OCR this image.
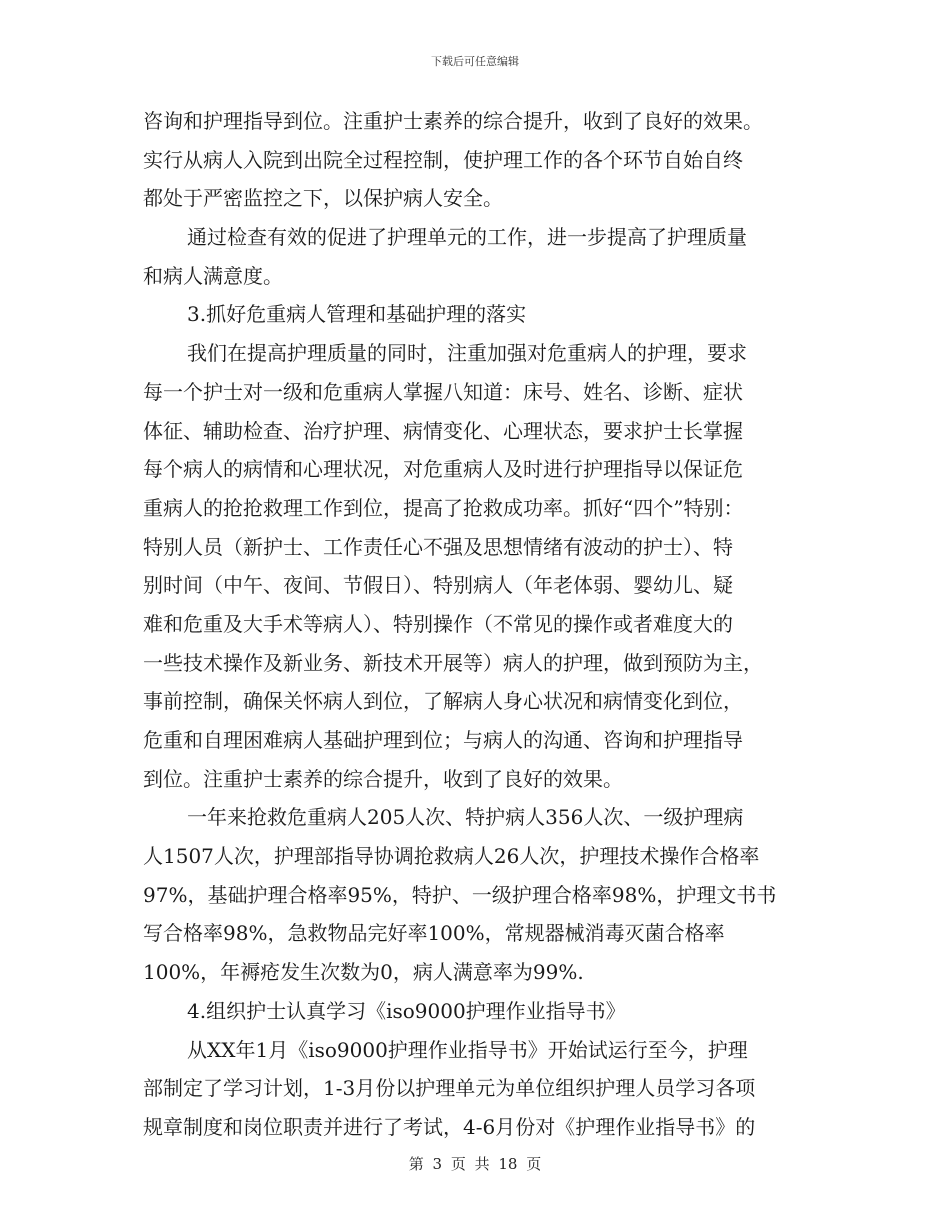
下载后可任意编辑
咨询和护理指导到位。注重护士素养的综合提升，收到了良好的效果。
实行从病人入院到出院全过程控制，使护理工作的各个环节自始自终
都处于严密监控之下，以保护病人安全。
通过检查有效的促进了护理单元的工作，进一步提高了护理质量
和病人满意度。
3.抓好危重病人管理和基础护理的落实
我们在提高护理质量的同时，注重加强对危重病人的护理，要求
每一个护士对一级和危重病人掌握八知道：床号、姓名、诊断、症状
体征、辅助检查、治疗护理、病情变化、心理状态，要求护士长掌握
每个病人的病情和心理状况，对危重病人及时进行护理指导以保证危
重病人的抢抢救理工作到位，提高了抢救成功率。抓好“四个”特别：
特别人员（新护士、工作责任心不强及思想情绪有波动的护士）、特
别时间（中午、夜间、节假日）、特别病人（年老体弱、婴幼儿、疑
难和危重及大手术等病人）、特别操作（不常见的操作或者难度大的
一些技术操作及新业务、新技术开展等）病人的护理，做到预防为主，
事前控制，确保关怀病人到位，了解病人身心状况和病情变化到位，
危重和自理困难病人基础护理到位；与病人的沟通、咨询和护理指导
到位。注重护士素养的综合提升，收到了良好的效果。
一年来抢救危重病人205人次、特护病人356人次、一级护理病
人1507人次，护理部指导协调抢救病人26人次，护理技术操作合格率
97%，基础护理合格率95%，特护、一级护理合格率98%，护理文书书
写合格率98%，急救物品完好率100%，常规器械消毒灭菌合格率
100%，年褥疮发生次数为0，病人满意率为99%.
4.组织护士认真学习《iso9000护理作业指导书》
从XX年1月《iso9000护理作业指导书》开始试运行至今，护理
部制定了学习计划，1-3月份以护理单元为单位组织护理人员学习各项
规章制度和岗位职责并进行了考试，4-6月份对《护理作业指导书》的
第 3 页 共 18 页
